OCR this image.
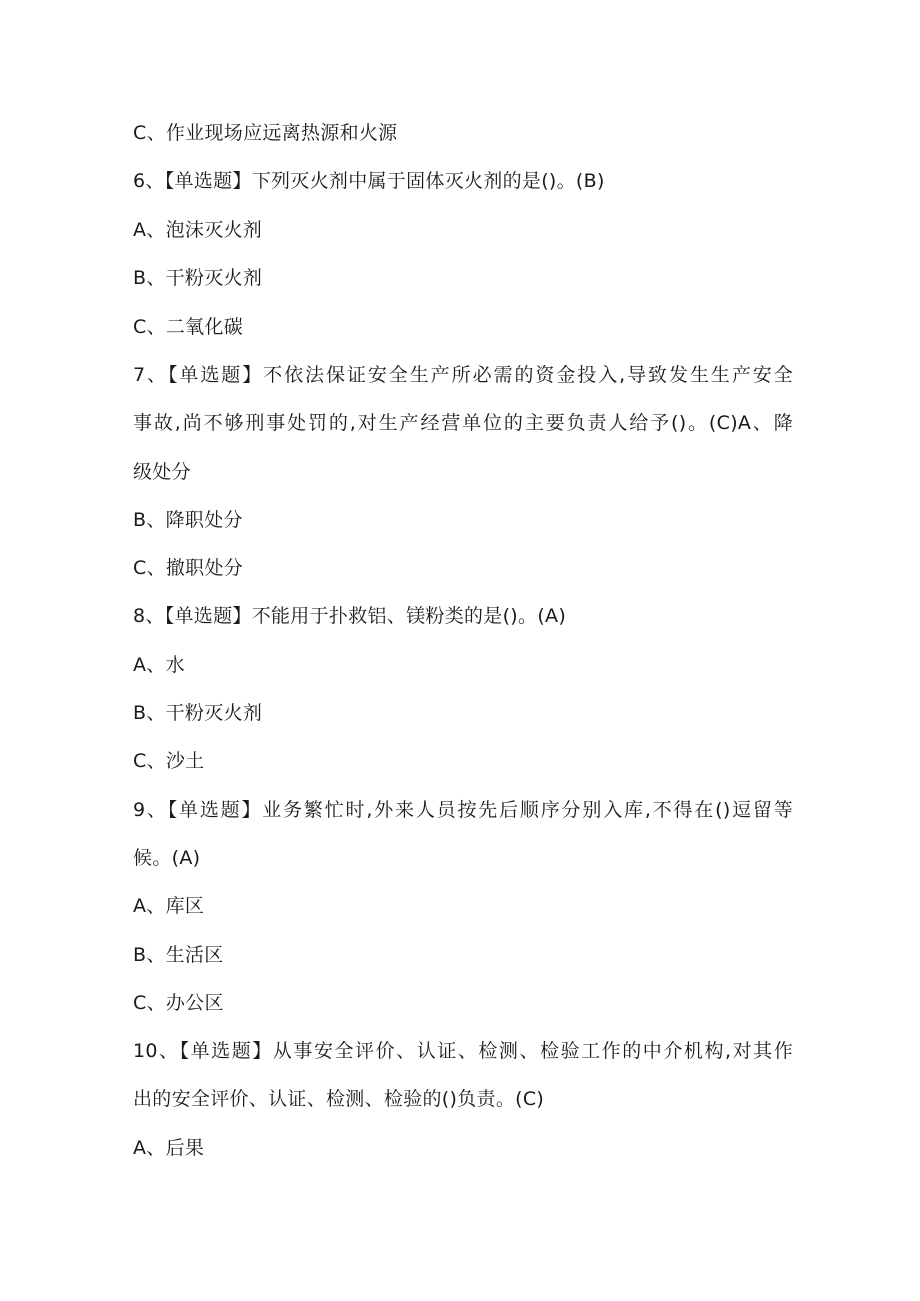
C、作业现场应远离热源和火源
6、【单选题】下列灭火剂中属于固体灭火剂的是()。(B)
A、泡沫灭火剂
B、干粉灭火剂
C、二氧化碳
7、【单选题】不依法保证安全生产所必需的资金投入,导致发生生产安全
事故,尚不够刑事处罚的,对生产经营单位的主要负责人给予()。(C)A、降
级处分
B、降职处分
C、撤职处分
8、【单选题】不能用于扑救铝、镁粉类的是()。(A)
A、水
B、干粉灭火剂
C、沙土
9、【单选题】业务繁忙时,外来人员按先后顺序分别入库,不得在()逗留等
候。(A)
A、库区
B、生活区
C、办公区
10、【单选题】从事安全评价、认证、检测、检验工作的中介机构,对其作
出的安全评价、认证、检测、检验的()负责。(C)
A、后果
